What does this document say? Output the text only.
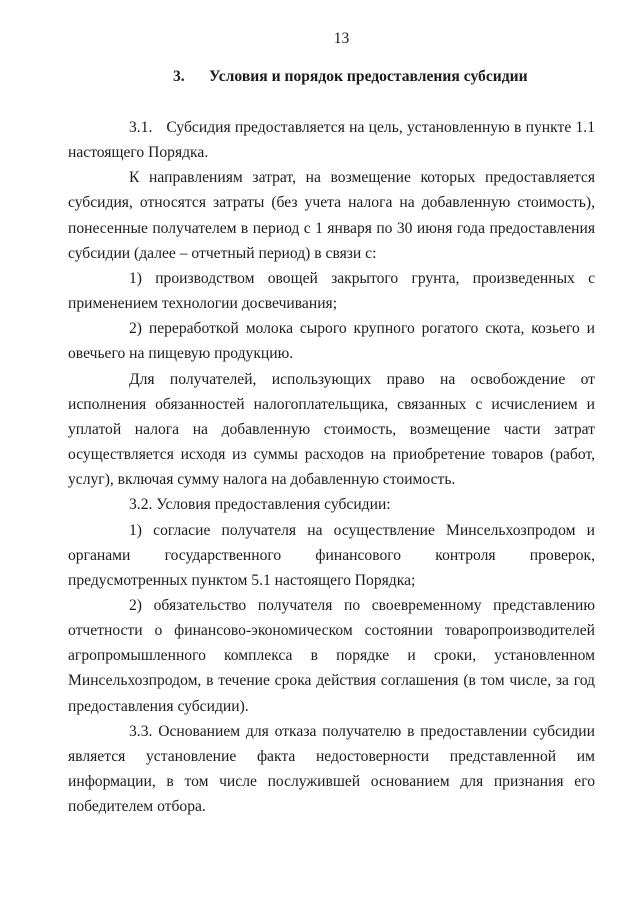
13
3. Условия и порядок предоставления субсидии

3.1. Субсидия предоставляется на цель, установленную в пункте 1.1 настоящего Порядка.

К направлениям затрат, на возмещение которых предоставляется субсидия, относятся затраты (без учета налога на добавленную стоимость), понесенные получателем в период с 1 января по 30 июня года предоставления субсидии (далее – отчетный период) в связи с:

1) производством овощей закрытого грунта, произведенных с применением технологии досвечивания;

2) переработкой молока сырого крупного рогатого скота, козьего и овечьего на пищевую продукцию.

Для получателей, использующих право на освобождение от исполнения обязанностей налогоплательщика, связанных с исчислением и уплатой налога на добавленную стоимость, возмещение части затрат осуществляется исходя из суммы расходов на приобретение товаров (работ, услуг), включая сумму налога на добавленную стоимость.

3.2. Условия предоставления субсидии:

1) согласие получателя на осуществление Минсельхозпродом и органами государственного финансового контроля проверок, предусмотренных пунктом 5.1 настоящего Порядка;

2) обязательство получателя по своевременному представлению отчетности о финансово-экономическом состоянии товаропроизводителей агропромышленного комплекса в порядке и сроки, установленном Минсельхозпродом, в течение срока действия соглашения (в том числе, за год предоставления субсидии).

3.3. Основанием для отказа получателю в предоставлении субсидии является установление факта недостоверности представленной им информации, в том числе послужившей основанием для признания его победителем отбора.
